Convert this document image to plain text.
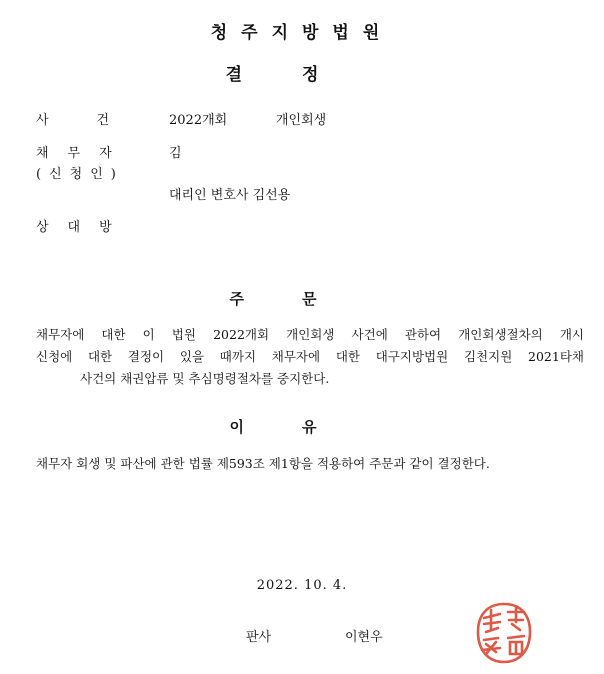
청주지방법원
결정
사건 2022개회	개인회생
채무자	김
(신청인)
대리인 변호사 김선용
상대방
주문

채무자에 대한 이 법원 2022개회 개인회생 사건에 관하여 개인회생절차의 개시

신청에 대한 결정이 있을 때까지 채무자에 대한 대구지방법원 김천지원 2021타채

사건의 채권압류 및 추심명령절차를 중지한다.

이유

채무자 회생 및 파산에 관한 법률 제593조 제1항을 적용하여 주문과 같이 결정한다.

2022. 10. 4.
판사	이현우
